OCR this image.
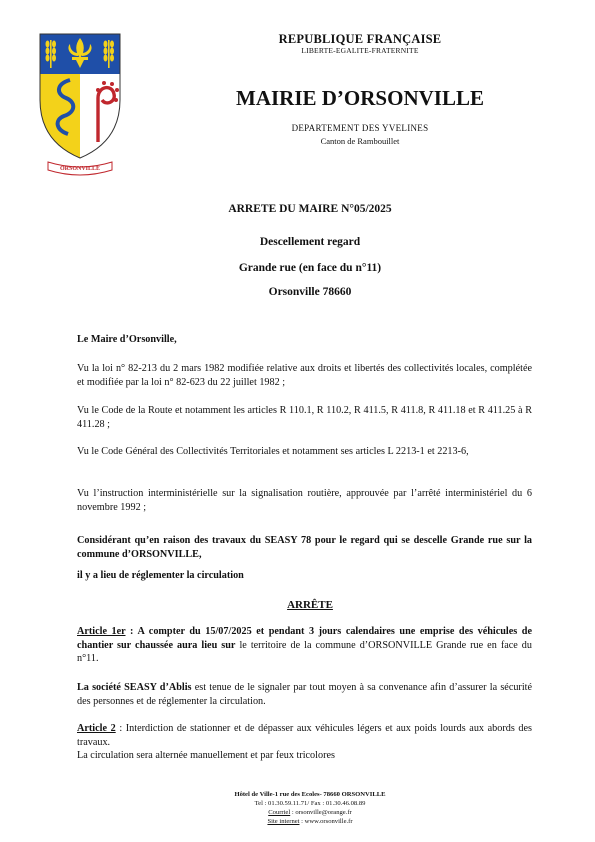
ORSONVILLE
REPUBLIQUE FRANÇAISE
LIBERTE-EGALITE-FRATERNITE
MAIRIE D’ORSONVILLE
DEPARTEMENT DES YVELINES
Canton de Rambouillet
ARRETE DU MAIRE N°05/2025
Descellement regard
Grande rue (en face du n°11)
Orsonville 78660
Le Maire d’Orsonville,
Vu la loi n° 82-213 du 2 mars 1982 modifiée relative aux droits et libertés des collectivités locales, complétée et modifiée par la loi n° 82-623 du 22 juillet 1982 ;
Vu le Code de la Route et notamment les articles R 110.1, R 110.2, R 411.5, R 411.8, R 411.18 et R 411.25 à R 411.28 ;
Vu le Code Général des Collectivités Territoriales et notamment ses articles L 2213-1 et 2213-6,
Vu l’instruction interministérielle sur la signalisation routière, approuvée par l’arrêté interministériel du 6 novembre 1992 ;
Considérant qu’en raison des travaux du SEASY 78 pour le regard qui se descelle Grande rue sur la commune d’ORSONVILLE,
il y a lieu de réglementer la circulation
ARRÊTE
Article 1er : A compter du 15/07/2025 et pendant 3 jours calendaires une emprise des véhicules de chantier sur chaussée aura lieu sur le territoire de la commune d’ORSONVILLE Grande rue en face du n°11.
La société SEASY d’Ablis est tenue de le signaler par tout moyen à sa convenance afin d’assurer la sécurité des personnes et de réglementer la circulation.
Article 2 : Interdiction de stationner et de dépasser aux véhicules légers et aux poids lourds aux abords des travaux.
La circulation sera alternée manuellement et par feux tricolores
Hôtel de Ville-1 rue des Ecoles- 78660 ORSONVILLE
Tel : 01.30.59.11.71/ Fax : 01.30.46.08.89
Courriel : orsonville@orange.fr
Site internet : www.orsonville.fr
